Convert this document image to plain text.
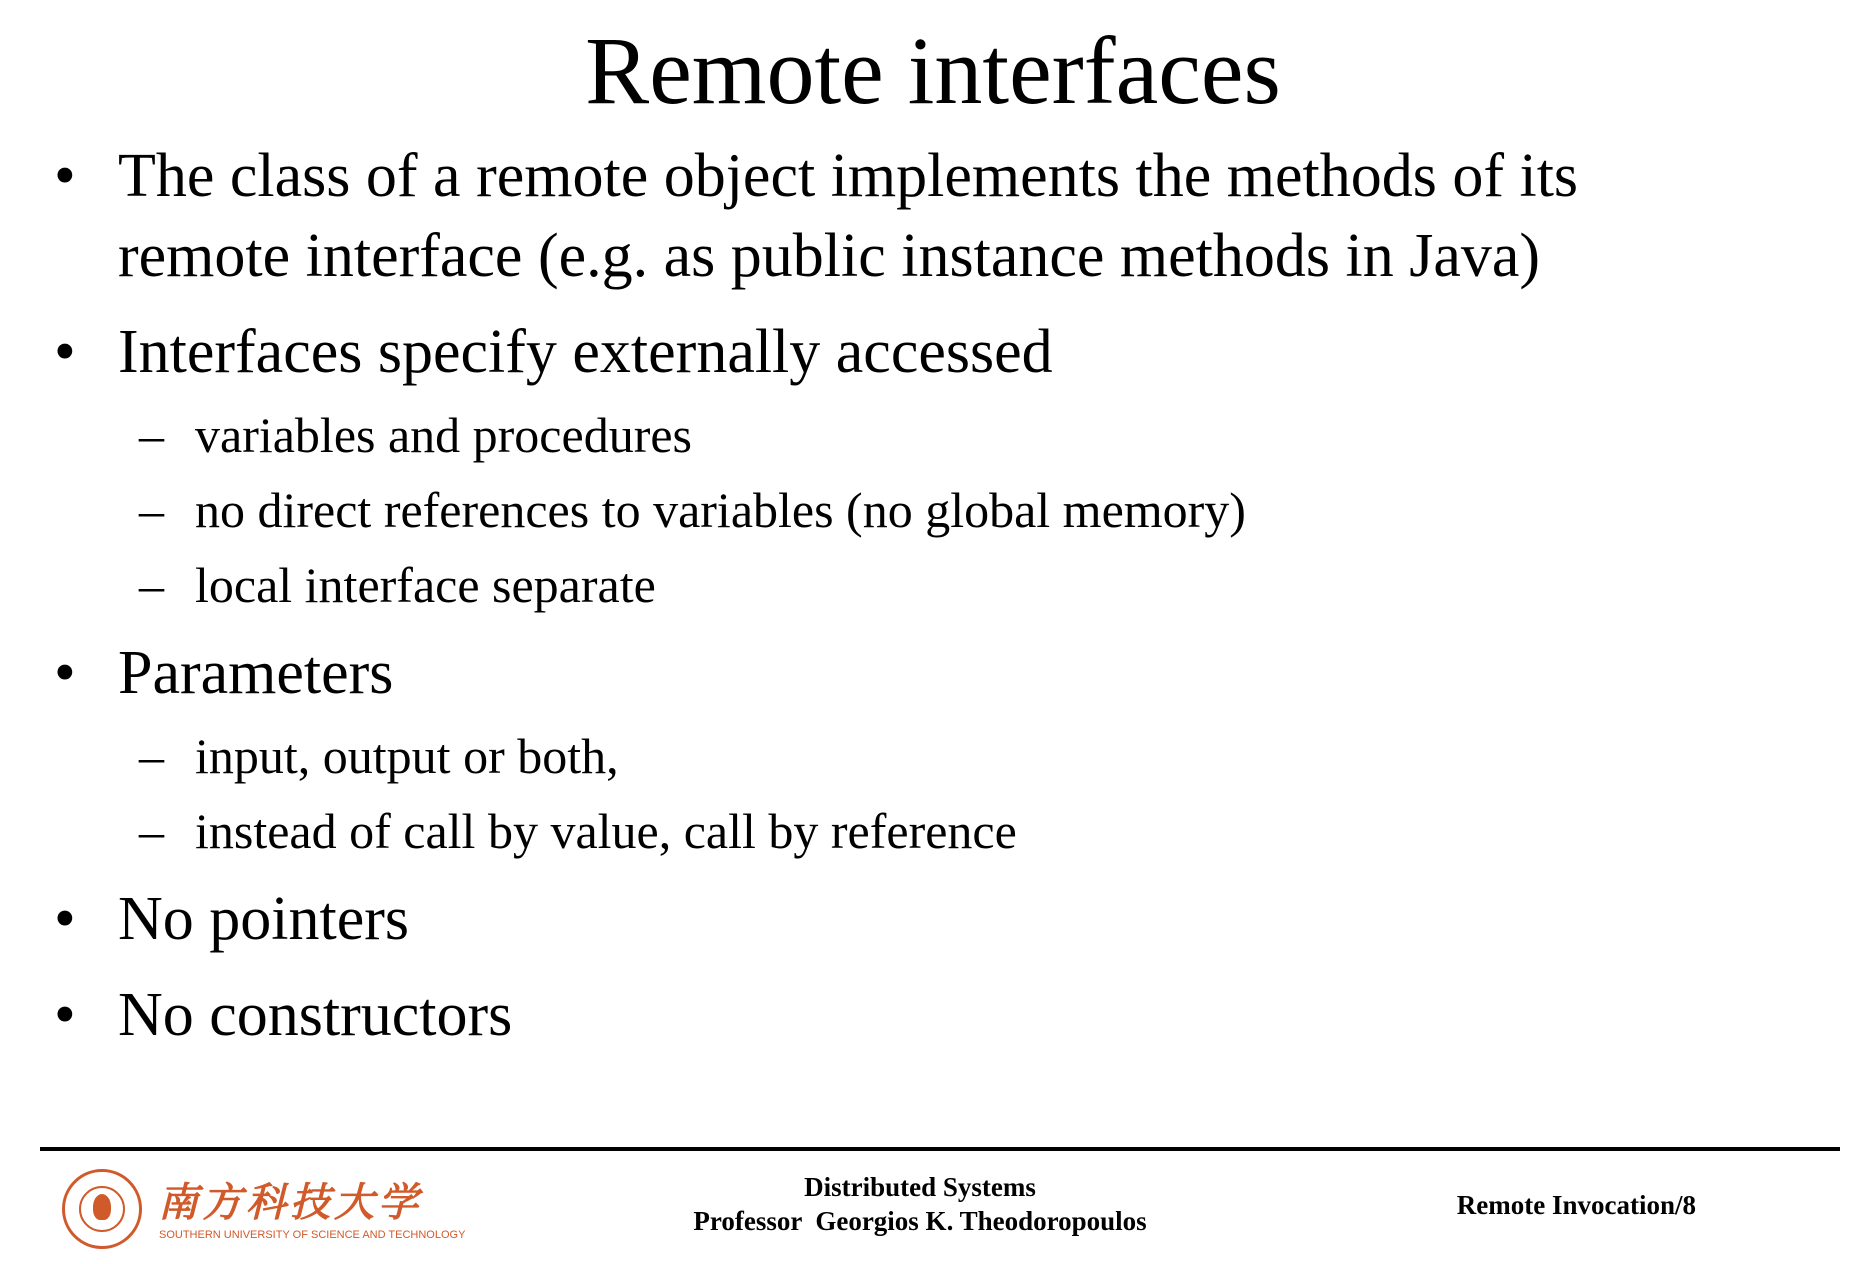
Remote interfaces
• The class of a remote object implements the methods of its
remote interface (e.g. as public instance methods in Java)
• Interfaces specify externally accessed
– variables and procedures
– no direct references to variables (no global memory)
– local interface separate
• Parameters
– input, output or both,
– instead of call by value, call by reference
• No pointers
• No constructors
南方科技大学
SOUTHERN UNIVERSITY OF SCIENCE AND TECHNOLOGY
Distributed Systems
Professor  Georgios K. Theodoropoulos
Remote Invocation/8
